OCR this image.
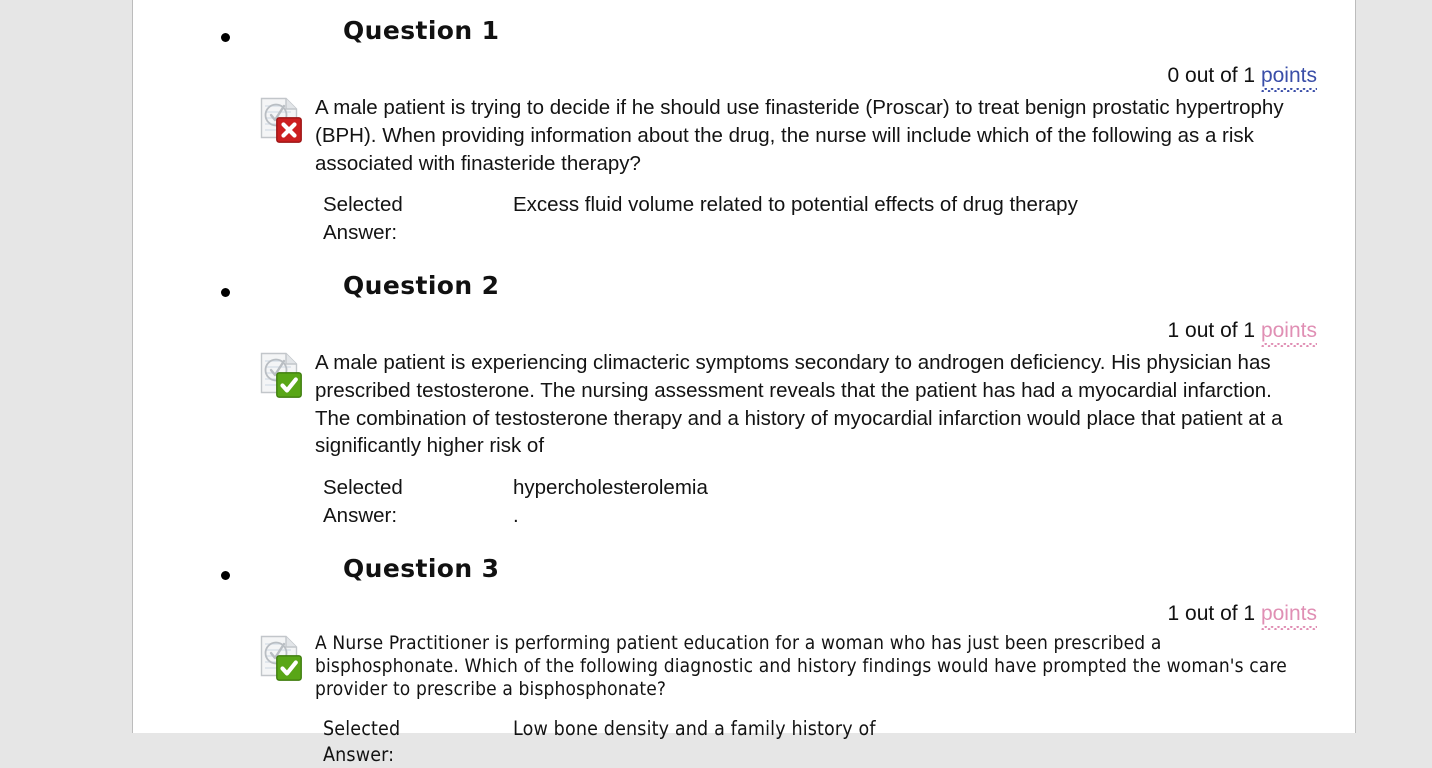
Question 1
0 out of 1 points
A male patient is trying to decide if he should use finasteride (Proscar) to treat benign prostatic hypertrophy (BPH). When providing information about the drug, the nurse will include which of the following as a risk associated with finasteride therapy?
Selected
Answer:
Excess fluid volume related to potential effects of drug therapy
Question 2
1 out of 1 points
A male patient is experiencing climacteric symptoms secondary to androgen deficiency. His physician has prescribed testosterone. The nursing assessment reveals that the patient has had a myocardial infarction. The combination of testosterone therapy and a history of myocardial infarction would place that patient at a significantly higher risk of
Selected
Answer:
hypercholesterolemia
.
Question 3
1 out of 1 points
A Nurse Practitioner is performing patient education for a woman who has just been prescribed a bisphosphonate. Which of the following diagnostic and history findings would have prompted the woman's care provider to prescribe a bisphosphonate?
Selected
Answer:
Low bone density and a family history of
